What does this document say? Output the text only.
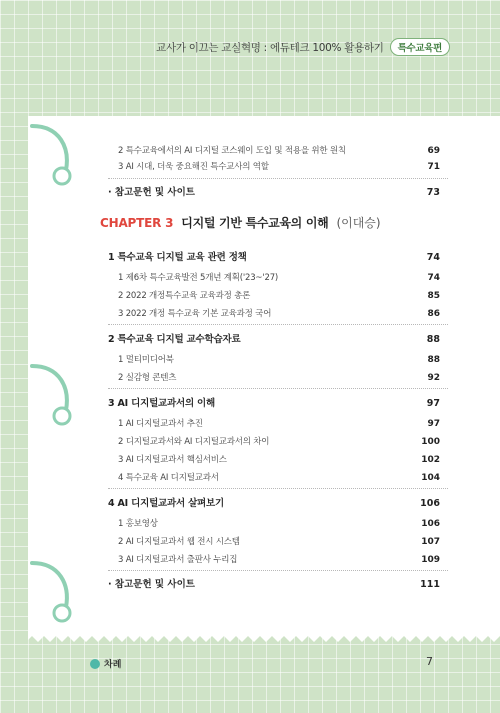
교사가 이끄는 교실혁명 : 에듀테크 100% 활용하기	특수교육편
2 특수교육에서의 AI 디지털 코스웨이 도입 및 적용을 위한 원칙	69
3 AI 시대, 더욱 중요해진 특수교사의 역할	71
· 참고문헌 및 사이트	73
CHAPTER 3 디지털 기반 특수교육의 이해 (이대승)
1 특수교육 디지털 교육 관련 정책	74
1 제6차 특수교육발전 5개년 계획('23~'27)	74
2 2022 개정특수교육 교육과정 총론	85
3 2022 개정 특수교육 기본 교육과정 국어	86
2 특수교육 디지털 교수학습자료	88
1 멀티미디어북	88
2 실감형 콘텐츠	92
3 AI 디지털교과서의 이해	97
1 AI 디지털교과서 추진	97
2 디지털교과서와 AI 디지털교과서의 차이	100
3 AI 디지털교과서 핵심서비스	102
4 특수교육 AI 디지털교과서	104
4 AI 디지털교과서 살펴보기	106
1 홍보영상	106
2 AI 디지털교과서 웹 전시 시스템	107
3 AI 디지털교과서 출판사 누리집	109
· 참고문헌 및 사이트	111
차례	7
